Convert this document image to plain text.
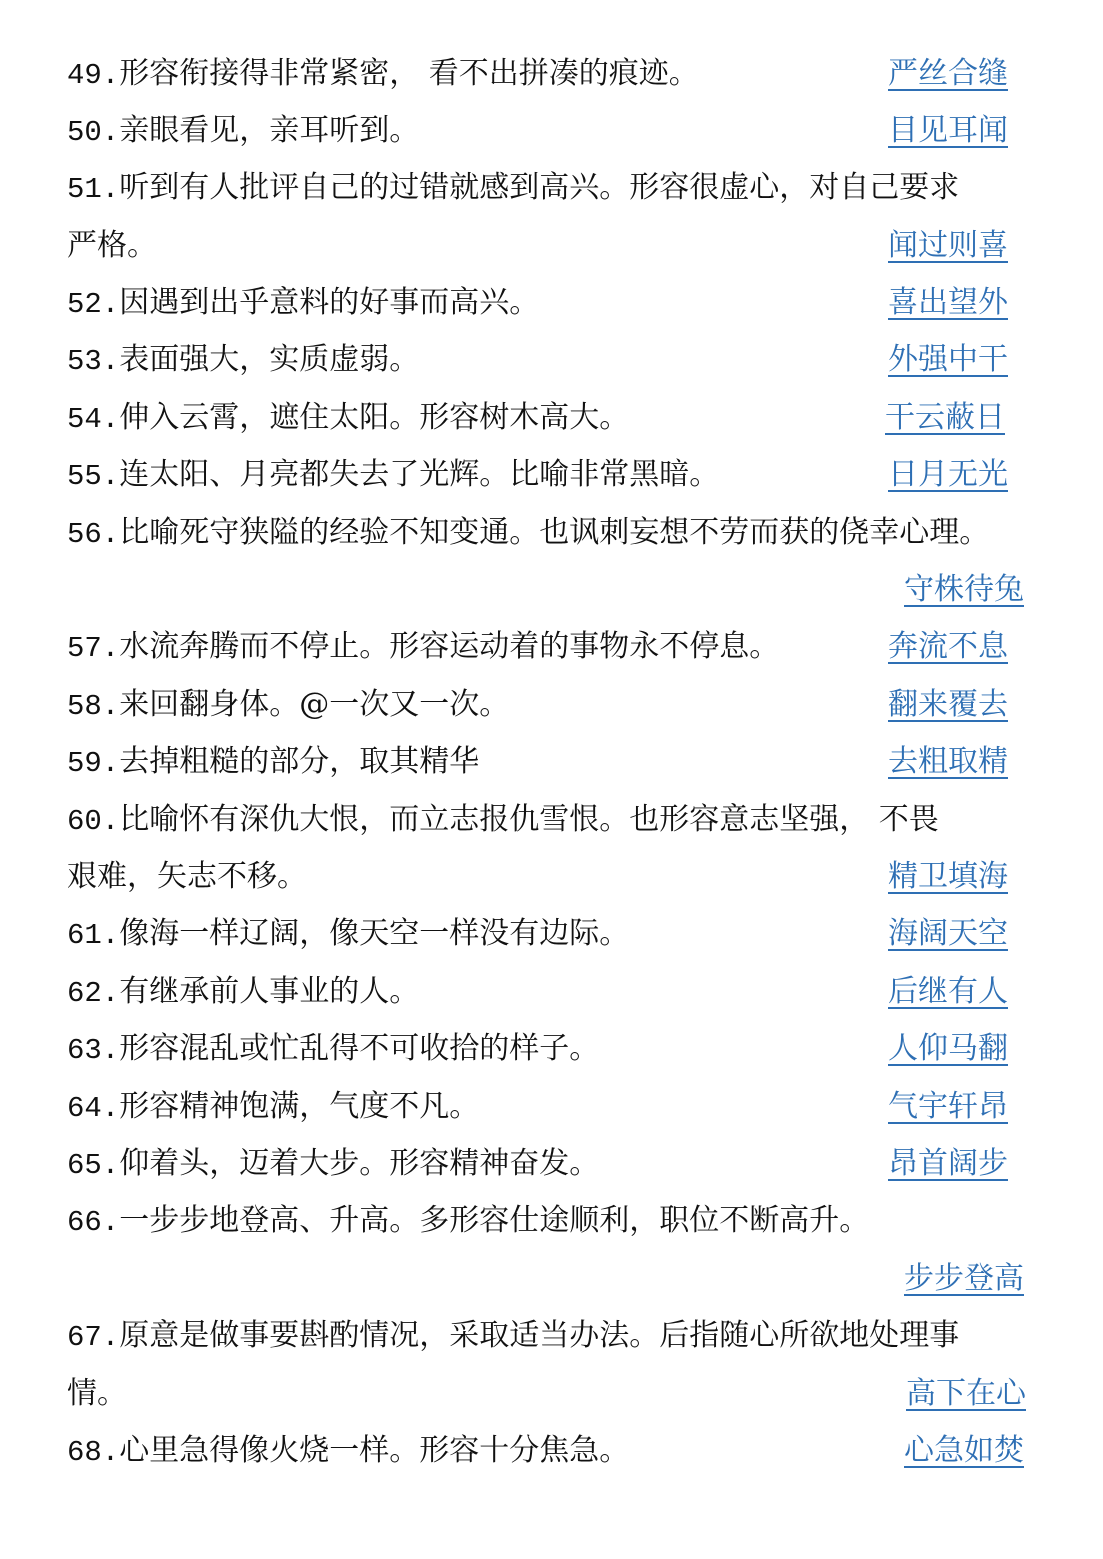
49.形容衔接得非常紧密， 看不出拼凑的痕迹。	严丝合缝
50.亲眼看见，亲耳听到。	目见耳闻
51.听到有人批评自己的过错就感到高兴。形容很虚心，对自己要求
严格。	闻过则喜
52.因遇到出乎意料的好事而高兴。	喜出望外
53.表面强大，实质虚弱。	外强中干
54.伸入云霄，遮住太阳。形容树木高大。	干云蔽日
55.连太阳、月亮都失去了光辉。比喻非常黑暗。	日月无光
56.比喻死守狭隘的经验不知变通。也讽刺妄想不劳而获的侥幸心理。
守株待兔
57.水流奔腾而不停止。形容运动着的事物永不停息。	奔流不息
58.来回翻身体。@一次又一次。	翻来覆去
59.去掉粗糙的部分，取其精华	去粗取精
60.比喻怀有深仇大恨，而立志报仇雪恨。也形容意志坚强， 不畏
艰难，矢志不移。	精卫填海
61.像海一样辽阔，像天空一样没有边际。	海阔天空
62.有继承前人事业的人。	后继有人
63.形容混乱或忙乱得不可收拾的样子。	人仰马翻
64.形容精神饱满，气度不凡。	气宇轩昂
65.仰着头，迈着大步。形容精神奋发。	昂首阔步
66.一步步地登高、升高。多形容仕途顺利，职位不断高升。
步步登高
67.原意是做事要斟酌情况，采取适当办法。后指随心所欲地处理事
情。	高下在心
68.心里急得像火烧一样。形容十分焦急。	心急如焚
